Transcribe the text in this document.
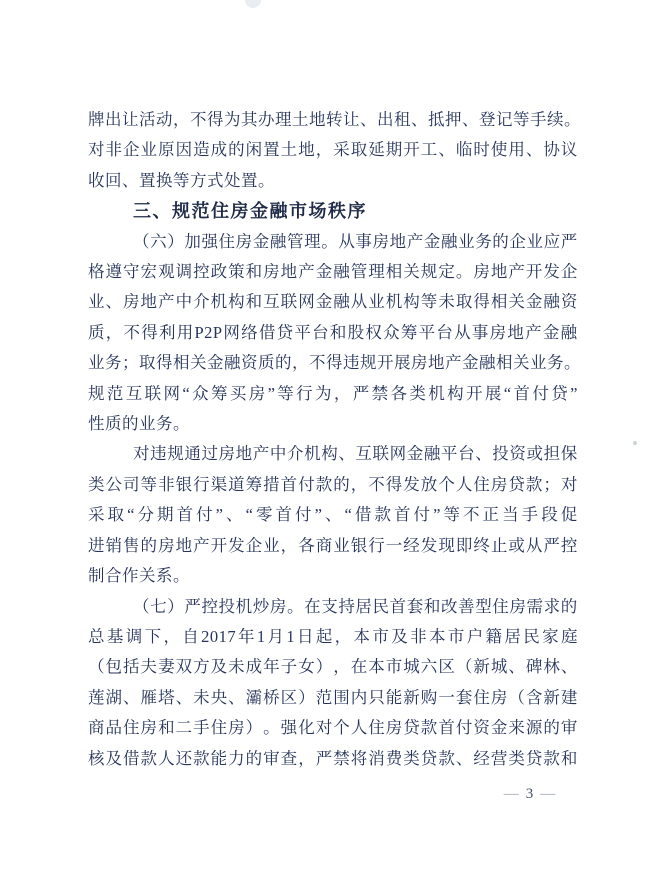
牌 出 让 活 动 ， 不 得 为 其 办 理 土 地 转 让 、 出 租 、 抵 押 、 登 记 等 手 续 。
对 非 企 业 原 因 造 成 的 闲 置 土 地 ， 采 取 延 期 开 工 、 临 时 使 用 、 协 议
收回、置换等方式处置。
三、规范住房金融市场秩序
（ 六 ） 加 强 住 房 金 融 管 理 。 从 事 房 地 产 金 融 业 务 的 企 业 应 严
格 遵 守 宏 观 调 控 政 策 和 房 地 产 金 融 管 理 相 关 规 定 。 房 地 产 开 发 企
业 、 房 地 产 中 介 机 构 和 互 联 网 金 融 从 业 机 构 等 未 取 得 相 关 金 融 资
质 ， 不 得 利 用 P2P 网 络 借 贷 平 台 和 股 权 众 筹 平 台 从 事 房 地 产 金 融
业 务 ； 取 得 相 关 金 融 资 质 的 ， 不 得 违 规 开 展 房 地 产 金 融 相 关 业 务 。
规 范 互 联 网 “ 众 筹 买 房 ” 等 行 为 ， 严 禁 各 类 机 构 开 展 “ 首 付 贷 ”
性质的业务。
对 违 规 通 过 房 地 产 中 介 机 构 、 互 联 网 金 融 平 台 、 投 资 或 担 保
类 公 司 等 非 银 行 渠 道 筹 措 首 付 款 的 ， 不 得 发 放 个 人 住 房 贷 款 ； 对
采 取 “ 分 期 首 付 ” 、 “ 零 首 付 ” 、 “ 借 款 首 付 ” 等 不 正 当 手 段 促
进 销 售 的 房 地 产 开 发 企 业 ， 各 商 业 银 行 一 经 发 现 即 终 止 或 从 严 控
制合作关系。
（ 七 ） 严 控 投 机 炒 房 。 在 支 持 居 民 首 套 和 改 善 型 住 房 需 求 的
总 基 调 下 ， 自 2017 年 1 月 1 日 起 ， 本 市 及 非 本 市 户 籍 居 民 家 庭
（ 包 括 夫 妻 双 方 及 未 成 年 子 女 ） ， 在 本 市 城 六 区 （ 新 城 、 碑 林 、
莲 湖 、 雁 塔 、 未 央 、 灞 桥 区 ） 范 围 内 只 能 新 购 一 套 住 房 （ 含 新 建
商 品 住 房 和 二 手 住 房 ） 。 强 化 对 个 人 住 房 贷 款 首 付 资 金 来 源 的 审
核 及 借 款 人 还 款 能 力 的 审 查 ， 严 禁 将 消 费 类 贷 款 、 经 营 类 贷 款 和
— 3 —
